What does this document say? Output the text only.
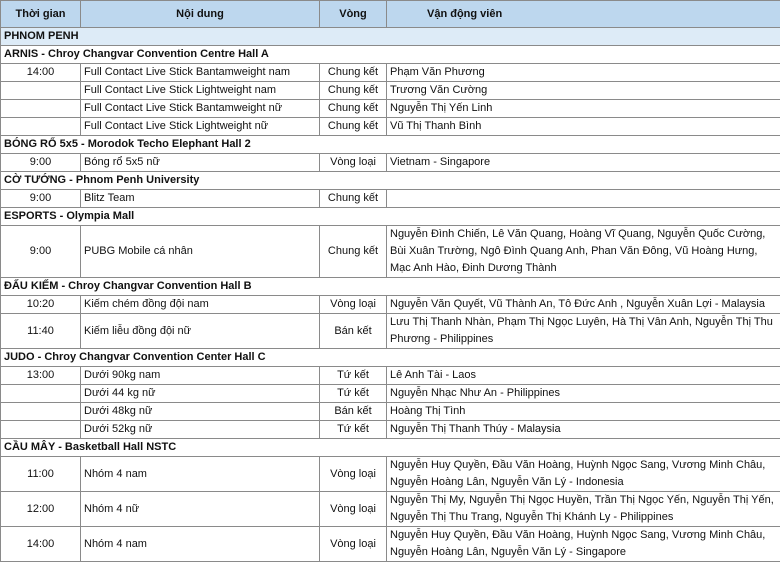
Thời gian	Nội dung	Vòng	Vận động viên
PHNOM PENH			
ARNIS - Chroy Changvar Convention Centre Hall A			
14:00	Full Contact Live Stick Bantamweight nam	Chung kết	Phạm Văn Phương
	Full Contact Live Stick Lightweight nam	Chung kết	Trương Văn Cường
	Full Contact Live Stick Bantamweight nữ	Chung kết	Nguyễn Thị Yến Linh
	Full Contact Live Stick Lightweight nữ	Chung kết	Vũ Thị Thanh Bình
BÓNG RỔ 5x5 - Morodok Techo Elephant Hall 2			
9:00	Bóng rổ 5x5 nữ	Vòng loại	Vietnam - Singapore
CỜ TƯỚNG - Phnom Penh University			
9:00	Blitz Team	Chung kết	
ESPORTS - Olympia Mall			
9:00	PUBG Mobile cá nhân	Chung kết	Nguyễn Đình Chiến, Lê Văn Quang, Hoàng Vĩ Quang, Nguyễn Quốc Cường, Bùi Xuân Trường, Ngô Đình Quang Anh, Phan Văn Đông, Vũ Hoàng Hưng, Mạc Anh Hào, Đinh Dương Thành
ĐẤU KIẾM - Chroy Changvar Convention Hall B			
10:20	Kiếm chém đồng đội nam	Vòng loại	Nguyễn Văn Quyết, Vũ Thành An, Tô Đức Anh , Nguyễn Xuân Lợi - Malaysia
11:40	Kiếm liễu đồng đội nữ	Bán kết	Lưu Thị Thanh Nhàn, Phạm Thị Ngọc Luyên, Hà Thị Vân Anh, Nguyễn Thị Thu Phương - Philippines
JUDO - Chroy Changvar Convention Center Hall C			
13:00	Dưới 90kg nam	Tứ kết	Lê Anh Tài - Laos
	Dưới 44 kg nữ	Tứ kết	Nguyễn Nhạc Như An - Philippines
	Dưới 48kg nữ	Bán kết	Hoàng Thị Tình
	Dưới 52kg nữ	Tứ kết	Nguyễn Thị Thanh Thúy - Malaysia
CẦU MÂY - Basketball Hall NSTC			
11:00	Nhóm 4 nam	Vòng loại	Nguyễn Huy Quyền, Đầu Văn Hoàng, Huỳnh Ngọc Sang, Vương Minh Châu, Nguyễn Hoàng Lân, Nguyễn Văn Lý - Indonesia
12:00	Nhóm 4 nữ	Vòng loại	Nguyễn Thị My, Nguyễn Thị Ngọc Huyền, Trần Thị Ngọc Yến, Nguyễn Thị Yến, Nguyễn Thị Thu Trang, Nguyễn Thị Khánh Ly - Philippines
14:00	Nhóm 4 nam	Vòng loại	Nguyễn Huy Quyền, Đầu Văn Hoàng, Huỳnh Ngọc Sang, Vương Minh Châu, Nguyễn Hoàng Lân, Nguyễn Văn Lý - Singapore
